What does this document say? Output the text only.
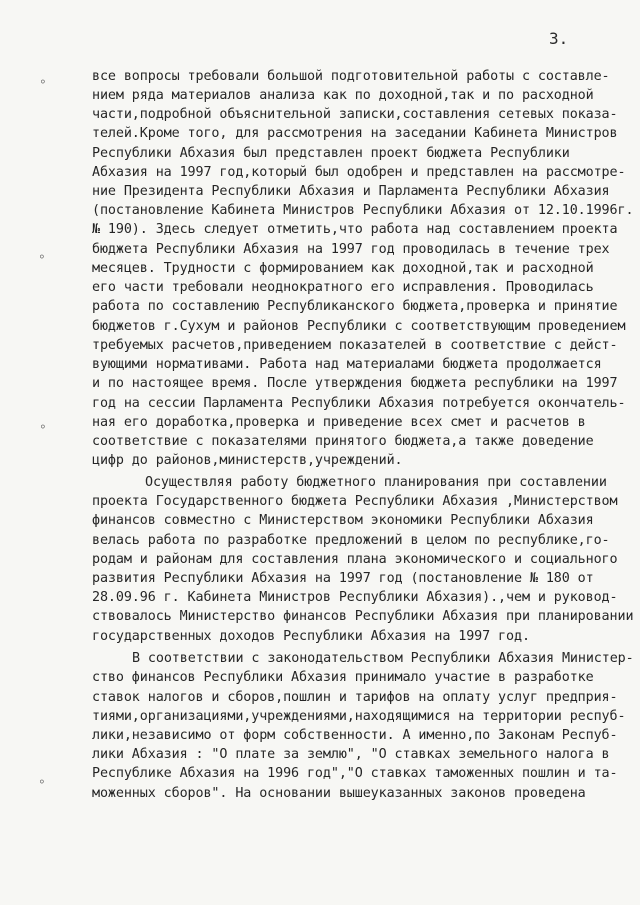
3.
⸰
⸰
⸰
⸰
все вопросы требовали большой подготовительной работы с составле-
нием ряда материалов анализа как по доходной,так и по расходной
части,подробной объяснительной записки,составления сетевых показа-
телей.Кроме того, для рассмотрения на заседании Кабинета Министров
Республики Абхазия был представлен проект бюджета Республики
Абхазия на 1997 год,который был одобрен и представлен на рассмотре-
ние Президента Республики Абхазия и Парламента Республики Абхазия
(постановление Кабинета Министров Республики Абхазия от 12.10.1996г.
№ 190). Здесь следует отметить,что работа над составлением проекта
бюджета Республики Абхазия на 1997 год проводилась в течение трех
месяцев. Трудности с формированием как доходной,так и расходной
его части требовали неоднократного его исправления. Проводилась
работа по составлению Республиканского бюджета,проверка и принятие
бюджетов г.Сухум и районов Республики с соответствующим проведением
требуемых расчетов,приведением показателей в соответствие с дейст-
вующими нормативами. Работа над материалами бюджета продолжается
и по настоящее время. После утверждения бюджета республики на 1997
год на сессии Парламента Республики Абхазия потребуется окончатель-
ная его доработка,проверка и приведение всех смет и расчетов в
соответствие с показателями принятого бюджета,а также доведение
цифр до районов,министерств,учреждений.
Осуществляя работу бюджетного планирования при составлении
проекта Государственного бюджета Республики Абхазия ,Министерством
финансов совместно с Министерством экономики Республики Абхазия
велась работа по разработке предложений в целом по республике,го-
родам и районам для составления плана экономического и социального
развития Республики Абхазия на 1997 год (постановление № 180 от
28.09.96 г. Кабинета Министров Республики Абхазия).,чем и руковод-
ствовалось Министерство финансов Республики Абхазия при планировании
государственных доходов Республики Абхазия на 1997 год.
В соответствии с законодательством Республики Абхазия Министер-
ство финансов Республики Абхазия принимало участие в разработке
ставок налогов и сборов,пошлин и тарифов на оплату услуг предприя-
тиями,организациями,учреждениями,находящимися на территории респуб-
лики,независимо от форм собственности. А именно,по Законам Респуб-
лики Абхазия : "О плате за землю", "О ставках земельного налога в
Республике Абхазия на 1996 год","О ставках таможенных пошлин и та-
моженных сборов". На основании вышеуказанных законов проведена
